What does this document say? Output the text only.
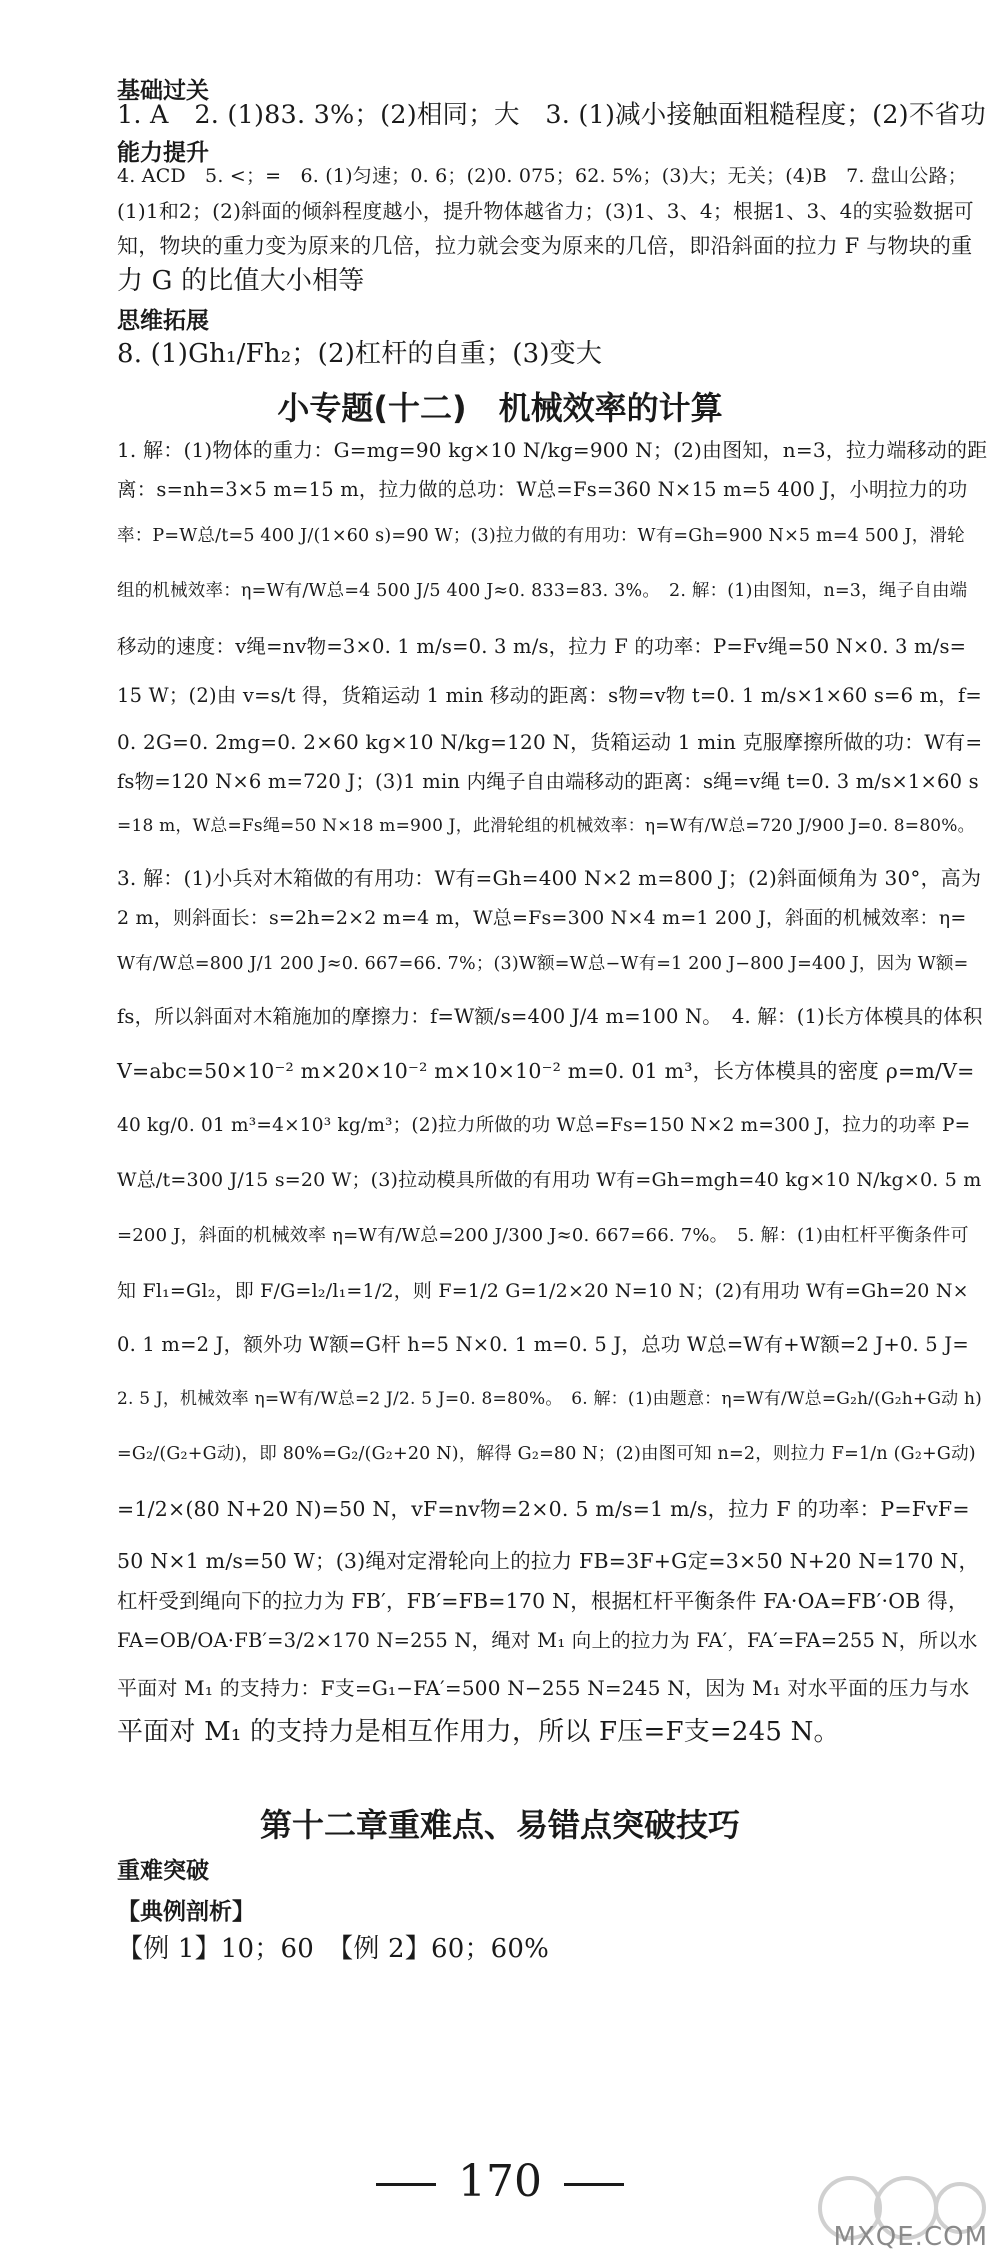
基础过关
1. A　2. (1)83. 3%；(2)相同；大　3. (1)减小接触面粗糙程度；(2)不省功
能力提升
4. ACD　5. <；=　6. (1)匀速；0. 6；(2)0. 075；62. 5%；(3)大；无关；(4)B　7. 盘山公路；
(1)1和2；(2)斜面的倾斜程度越小，提升物体越省力；(3)1、3、4；根据1、3、4的实验数据可
知，物块的重力变为原来的几倍，拉力就会变为原来的几倍，即沿斜面的拉力 F 与物块的重
力 G 的比值大小相等
思维拓展
8. (1)Gh₁/Fh₂；(2)杠杆的自重；(3)变大
小专题(十二)　机械效率的计算
1. 解：(1)物体的重力：G=mg=90 kg×10 N/kg=900 N；(2)由图知，n=3，拉力端移动的距
离：s=nh=3×5 m=15 m，拉力做的总功：W总=Fs=360 N×15 m=5 400 J，小明拉力的功
率：P=W总/t=5 400 J/(1×60 s)=90 W；(3)拉力做的有用功：W有=Gh=900 N×5 m=4 500 J，滑轮
组的机械效率：η=W有/W总=4 500 J/5 400 J≈0. 833=83. 3%。　2. 解：(1)由图知，n=3，绳子自由端
移动的速度：v绳=nv物=3×0. 1 m/s=0. 3 m/s，拉力 F 的功率：P=Fv绳=50 N×0. 3 m/s=
15 W；(2)由 v=s/t 得，货箱运动 1 min 移动的距离：s物=v物 t=0. 1 m/s×1×60 s=6 m，f=
0. 2G=0. 2mg=0. 2×60 kg×10 N/kg=120 N，货箱运动 1 min 克服摩擦所做的功：W有=
fs物=120 N×6 m=720 J；(3)1 min 内绳子自由端移动的距离：s绳=v绳 t=0. 3 m/s×1×60 s
=18 m，W总=Fs绳=50 N×18 m=900 J，此滑轮组的机械效率：η=W有/W总=720 J/900 J=0. 8=80%。
3. 解：(1)小兵对木箱做的有用功：W有=Gh=400 N×2 m=800 J；(2)斜面倾角为 30°，高为
2 m，则斜面长：s=2h=2×2 m=4 m，W总=Fs=300 N×4 m=1 200 J，斜面的机械效率：η=
W有/W总=800 J/1 200 J≈0. 667=66. 7%；(3)W额=W总−W有=1 200 J−800 J=400 J，因为 W额=
fs，所以斜面对木箱施加的摩擦力：f=W额/s=400 J/4 m=100 N。　4. 解：(1)长方体模具的体积
V=abc=50×10⁻² m×20×10⁻² m×10×10⁻² m=0. 01 m³，长方体模具的密度 ρ=m/V=
40 kg/0. 01 m³=4×10³ kg/m³；(2)拉力所做的功 W总=Fs=150 N×2 m=300 J，拉力的功率 P=
W总/t=300 J/15 s=20 W；(3)拉动模具所做的有用功 W有=Gh=mgh=40 kg×10 N/kg×0. 5 m
=200 J，斜面的机械效率 η=W有/W总=200 J/300 J≈0. 667=66. 7%。　5. 解：(1)由杠杆平衡条件可
知 Fl₁=Gl₂，即 F/G=l₂/l₁=1/2，则 F=1/2 G=1/2×20 N=10 N；(2)有用功 W有=Gh=20 N×
0. 1 m=2 J，额外功 W额=G杆 h=5 N×0. 1 m=0. 5 J，总功 W总=W有+W额=2 J+0. 5 J=
2. 5 J，机械效率 η=W有/W总=2 J/2. 5 J=0. 8=80%。　6. 解：(1)由题意：η=W有/W总=G₂h/(G₂h+G动 h)
=G₂/(G₂+G动)，即 80%=G₂/(G₂+20 N)，解得 G₂=80 N；(2)由图可知 n=2，则拉力 F=1/n (G₂+G动)
=1/2×(80 N+20 N)=50 N，vF=nv物=2×0. 5 m/s=1 m/s，拉力 F 的功率：P=FvF=
50 N×1 m/s=50 W；(3)绳对定滑轮向上的拉力 FB=3F+G定=3×50 N+20 N=170 N，
杠杆受到绳向下的拉力为 FB′，FB′=FB=170 N，根据杠杆平衡条件 FA·OA=FB′·OB 得，
FA=OB/OA·FB′=3/2×170 N=255 N，绳对 M₁ 向上的拉力为 FA′，FA′=FA=255 N，所以水
平面对 M₁ 的支持力：F支=G₁−FA′=500 N−255 N=245 N，因为 M₁ 对水平面的压力与水
平面对 M₁ 的支持力是相互作用力，所以 F压=F支=245 N。
第十二章重难点、易错点突破技巧
重难突破
【典例剖析】
【例 1】10；60　【例 2】60；60%
170
MXQE.COM
